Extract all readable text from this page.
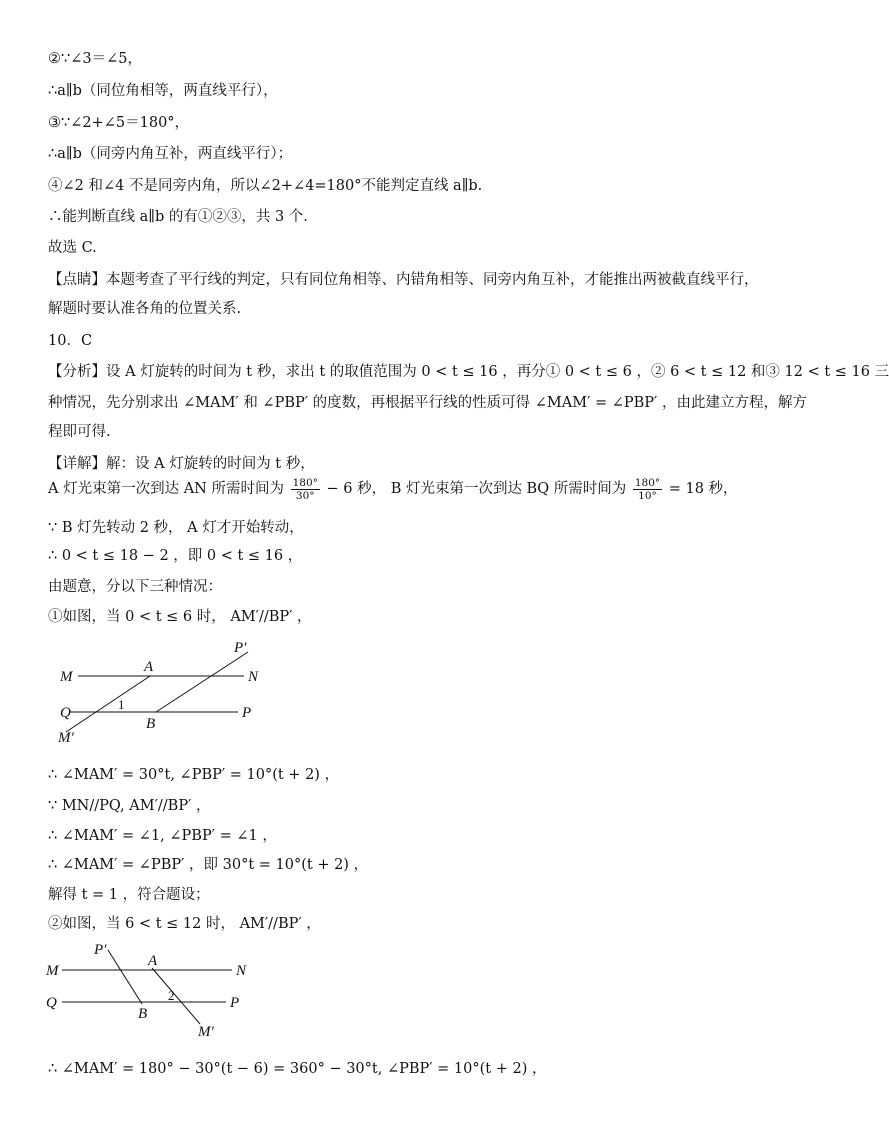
②∵∠3＝∠5，
∴a∥b（同位角相等，两直线平行），
③∵∠2+∠5＝180°，
∴a∥b（同旁内角互补，两直线平行）；
④∠2 和∠4 不是同旁内角，所以∠2+∠4=180°不能判定直线 a∥b.
∴能判断直线 a∥b 的有①②③，共 3 个.
故选 C.
【点睛】本题考查了平行线的判定，只有同位角相等、内错角相等、同旁内角互补，才能推出两被截直线平行，
解题时要认准各角的位置关系.
10．C
【分析】设 A 灯旋转的时间为 t 秒，求出 t 的取值范围为 0 < t ≤ 16 ，再分① 0 < t ≤ 6 ，② 6 < t ≤ 12 和③ 12 < t ≤ 16 三
种情况，先分别求出 ∠MAM′ 和 ∠PBP′ 的度数，再根据平行线的性质可得 ∠MAM′ = ∠PBP′ ，由此建立方程，解方
程即可得.
【详解】解：设 A 灯旋转的时间为 t 秒，
A 灯光束第一次到达 AN 所需时间为 $\frac{180^\circ}{30^\circ} - 6$ 秒， B 灯光束第一次到达 BQ 所需时间为 $\frac{180^\circ}{10^\circ} = 18$ 秒，
∵ B 灯先转动 2 秒， A 灯才开始转动，
∴ 0 < t ≤ 18 − 2 ，即 0 < t ≤ 16 ，
由题意，分以下三种情况：
①如图，当 0 < t ≤ 6 时， AM′//BP′ ，
M
A
P′
N
Q
1
B
P
M′
∴ ∠MAM′ = 30°t, ∠PBP′ = 10°(t + 2) ，
∵ MN//PQ, AM′//BP′ ，
∴ ∠MAM′ = ∠1, ∠PBP′ = ∠1 ，
∴ ∠MAM′ = ∠PBP′ ，即 30°t = 10°(t + 2) ，
解得 t = 1 ，符合题设；
②如图，当 6 < t ≤ 12 时， AM′//BP′ ，
P′
A
M	N
2
Q	P
B
M′
∴ ∠MAM′ = 180° − 30°(t − 6) = 360° − 30°t, ∠PBP′ = 10°(t + 2) ，
